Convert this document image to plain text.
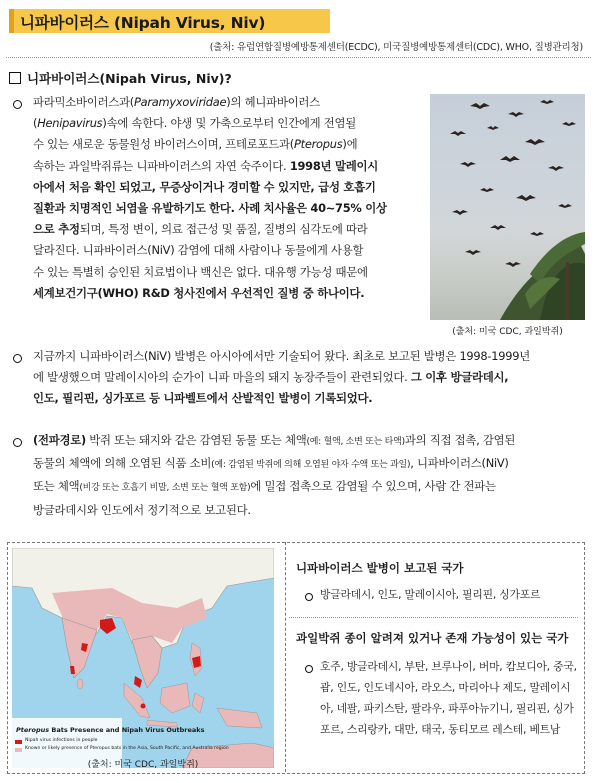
니파바이러스 (Nipah Virus, Niv)
(출처: 유럽연합질병예방통제센터(ECDC), 미국질병예방통제센터(CDC), WHO, 질병관리청)
니파바이러스(Nipah Virus, Niv)?
파라믹소바이러스과(Paramyxoviridae)의 헤니파바이러스
(Henipavirus)속에 속한다. 야생 및 가축으로부터 인간에게 전염될
수 있는 새로운 동물원성 바이러스이며, 프테로포드과(Pteropus)에
속하는 과일박쥐류는 니파바이러스의 자연 숙주이다. 1998년 말레이시
아에서 처음 확인 되었고, 무증상이거나 경미할 수 있지만, 급성 호흡기
질환과 치명적인 뇌염을 유발하기도 한다. 사례 치사율은 40~75% 이상
으로 추정되며, 특정 변이, 의료 접근성 및 품질, 질병의 심각도에 따라
달라진다. 니파바이러스(NiV) 감염에 대해 사람이나 동물에게 사용할
수 있는 특별히 승인된 치료법이나 백신은 없다. 대유행 가능성 때문에
세계보건기구(WHO) R&D 청사진에서 우선적인 질병 중 하나이다.
(출처: 미국 CDC, 과일박쥐)
지금까지 니파바이러스(NiV) 발병은 아시아에서만 기술되어 왔다. 최초로 보고된 발병은 1998-1999년
에 발생했으며 말레이시아의 순가이 니파 마을의 돼지 농장주들이 관련되었다. 그 이후 방글라데시,
인도, 필리핀, 싱가포르 등 니파벨트에서 산발적인 발병이 기록되었다.
(전파경로) 박쥐 또는 돼지와 같은 감염된 동물 또는 체액(예: 혈액, 소변 또는 타액)과의 직접 접촉, 감염된
동물의 체액에 의해 오염된 식품 소비(예: 감염된 박쥐에 의해 오염된 야자 수액 또는 과일), 니파바이러스(NiV)
또는 체액(비강 또는 호흡기 비말, 소변 또는 혈액 포함)에 밀접 접촉으로 감염될 수 있으며, 사람 간 전파는
방글라데시와 인도에서 정기적으로 보고된다.
Pteropus Bats Presence and Nipah Virus Outbreaks
Nipah virus infections in people
Known or likely presence of Pteropus bats in the Asia, South Pacific, and Australia region
(출처: 미국 CDC, 과일박쥐)
니파바이러스 발병이 보고된 국가
방글라데시, 인도, 말레이시아, 필리핀, 싱가포르
과일박쥐 종이 알려져 있거나 존재 가능성이 있는 국가
호주, 방글라데시, 부탄, 브루나이, 버마, 캄보디아, 중국, 괌, 인도, 인도네시아, 라오스, 마리아나 제도, 말레이시아, 네팔, 파키스탄, 팔라우, 파푸아뉴기니, 필리핀, 싱가포르, 스리랑카, 대만, 태국, 동티모르 레스테, 베트남
